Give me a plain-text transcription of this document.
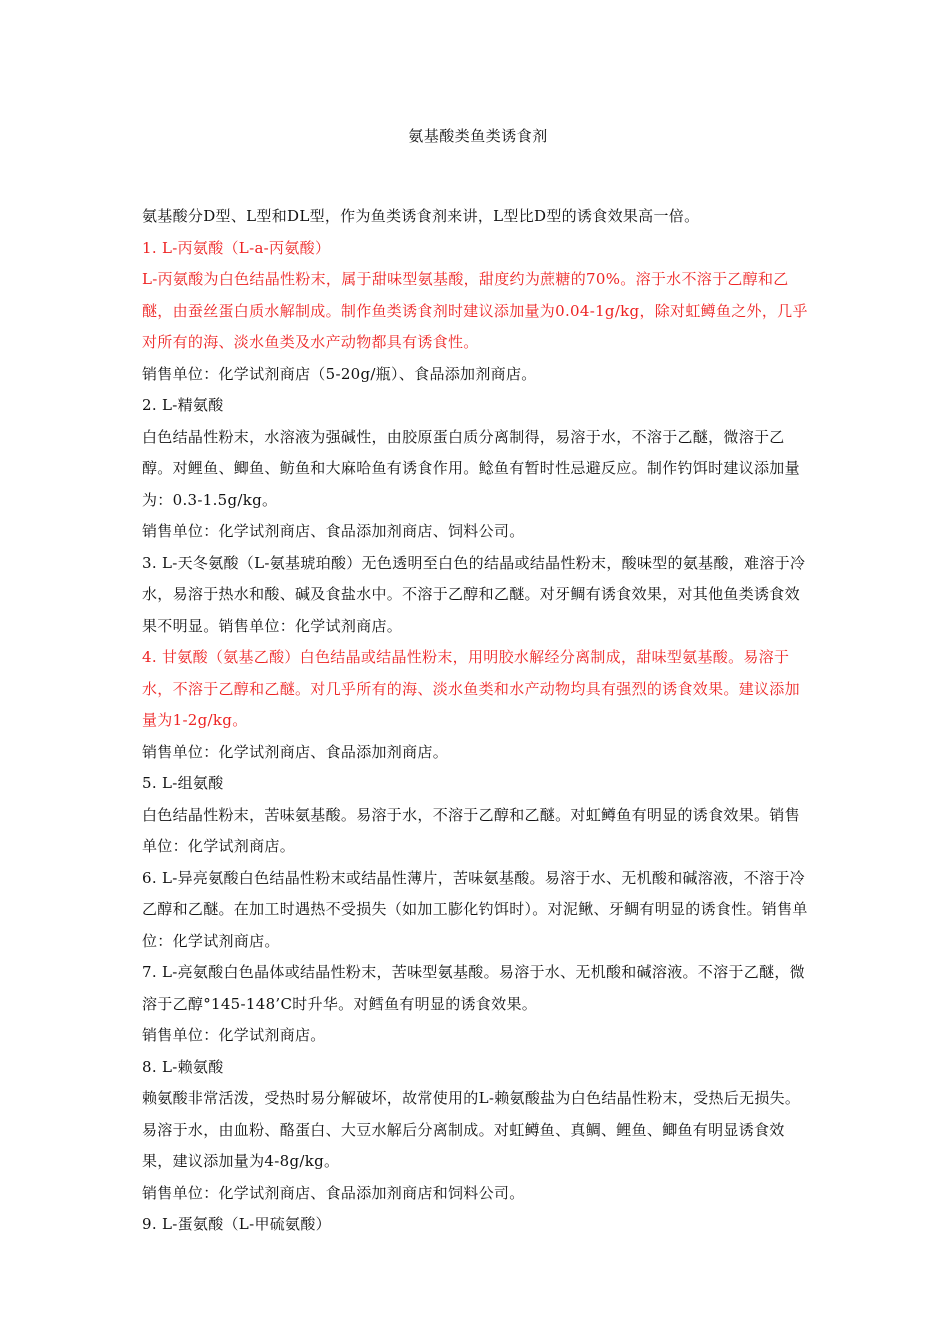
氨基酸类鱼类诱食剂

氨基酸分D型、L型和DL型，作为鱼类诱食剂来讲，L型比D型的诱食效果高一倍。

1. L-丙氨酸（L-a-丙氨酸）

L-丙氨酸为白色结晶性粉末，属于甜味型氨基酸，甜度约为蔗糖的70%。溶于水不溶于乙醇和乙醚，由蚕丝蛋白质水解制成。制作鱼类诱食剂时建议添加量为0.04-1g/kg，除对虹鳟鱼之外，几乎对所有的海、淡水鱼类及水产动物都具有诱食性。

销售单位：化学试剂商店（5-20g/瓶）、食品添加剂商店。

2. L-精氨酸

白色结晶性粉末，水溶液为强碱性，由胶原蛋白质分离制得，易溶于水，不溶于乙醚，微溶于乙醇。对鲤鱼、鲫鱼、鲂鱼和大麻哈鱼有诱食作用。鲶鱼有暂时性忌避反应。制作钓饵时建议添加量为：0.3-1.5g/kg。

销售单位：化学试剂商店、食品添加剂商店、饲料公司。

3. L-天冬氨酸（L-氨基琥珀酸）无色透明至白色的结晶或结晶性粉末，酸味型的氨基酸，难溶于冷水，易溶于热水和酸、碱及食盐水中。不溶于乙醇和乙醚。对牙鲷有诱食效果，对其他鱼类诱食效果不明显。销售单位：化学试剂商店。

4. 甘氨酸（氨基乙酸）白色结晶或结晶性粉末，用明胶水解经分离制成，甜味型氨基酸。易溶于水，不溶于乙醇和乙醚。对几乎所有的海、淡水鱼类和水产动物均具有强烈的诱食效果。建议添加量为1-2g/kg。

销售单位：化学试剂商店、食品添加剂商店。

5. L-组氨酸

白色结晶性粉末，苦味氨基酸。易溶于水，不溶于乙醇和乙醚。对虹鳟鱼有明显的诱食效果。销售单位：化学试剂商店。

6. L-异亮氨酸白色结晶性粉末或结晶性薄片，苦味氨基酸。易溶于水、无机酸和碱溶液，不溶于冷乙醇和乙醚。在加工时遇热不受损失（如加工膨化钓饵时）。对泥鳅、牙鲷有明显的诱食性。销售单位：化学试剂商店。

7. L-亮氨酸白色晶体或结晶性粉末，苦味型氨基酸。易溶于水、无机酸和碱溶液。不溶于乙醚，微溶于乙醇°145-148’C时升华。对鳕鱼有明显的诱食效果。

销售单位：化学试剂商店。

8. L-赖氨酸

赖氨酸非常活泼，受热时易分解破坏，故常使用的L-赖氨酸盐为白色结晶性粉末，受热后无损失。易溶于水，由血粉、酪蛋白、大豆水解后分离制成。对虹鳟鱼、真鲷、鲤鱼、鲫鱼有明显诱食效果，建议添加量为4-8g/kg。

销售单位：化学试剂商店、食品添加剂商店和饲料公司。

9. L-蛋氨酸（L-甲硫氨酸）
